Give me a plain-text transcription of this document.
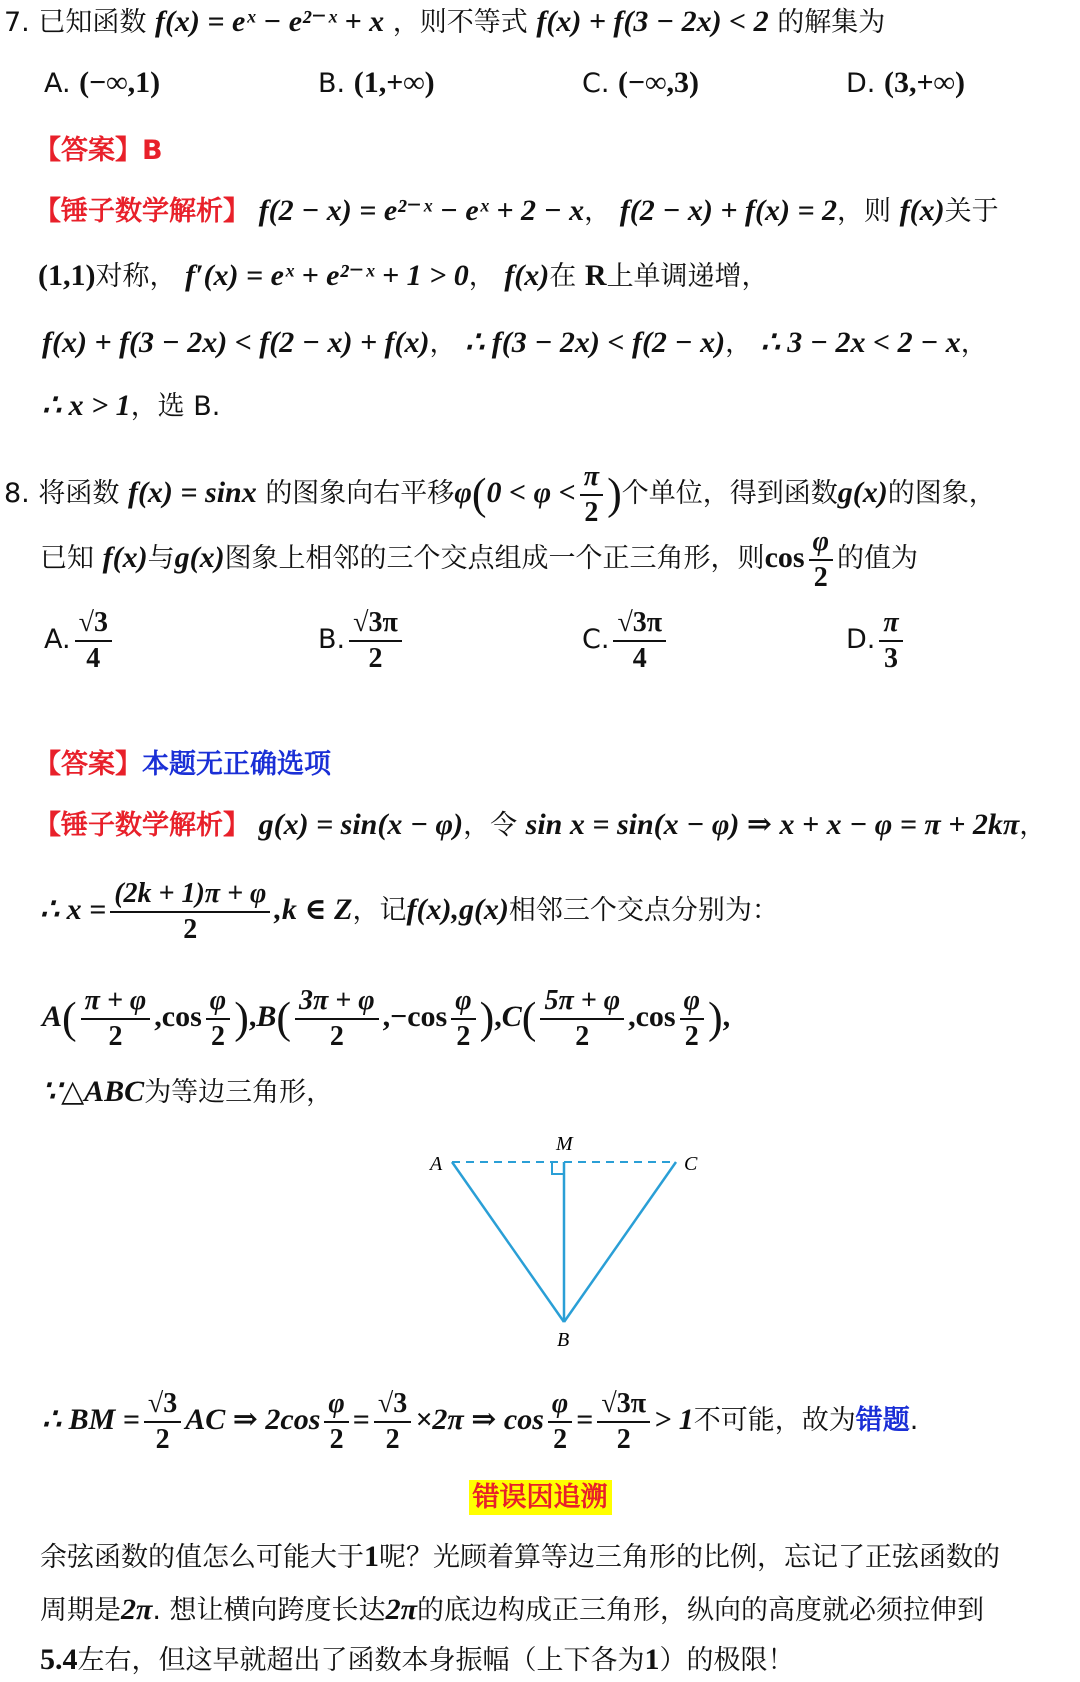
7. 已知函数 f(x) = eˣ − e²⁻ˣ + x ，则不等式 f(x) + f(3 − 2x) < 2 的解集为
A. (−∞,1)	B. (1,+∞)	C. (−∞,3)	D. (3,+∞)
【答案】B
【锤子数学解析】 f(2 − x) = e²⁻ˣ − eˣ + 2 − x， f(2 − x) + f(x) = 2，则 f(x)关于
(1,1)对称， f′(x) = eˣ + e²⁻ˣ + 1 > 0， f(x)在 R上单调递增，
f(x) + f(3 − 2x) < f(2 − x) + f(x)， ∴ f(3 − 2x) < f(2 − x)， ∴ 3 − 2x < 2 − x，
∴ x > 1，选 B.
8. 将函数 f(x) = sinx 的图象向右平移$\varphi(0 < \varphi < \frac{\pi}{2}$ )个单位，得到函数g(x)的图象，
已知 f(x)与g(x)图象上相邻的三个交点组成一个正三角形，则$\cos \frac{\varphi}{2}$ 的值为
A. $\frac{√3}{4}$	B. $\frac{√3\pi}{2}$	C. $\frac{√3\pi}{4}$	D. $\frac{\pi}{3}$
【答案】本题无正确选项
【锤子数学解析】 g(x) = sin(x − φ)，令 sin x = sin(x − φ) ⇒ x + x − φ = π + 2kπ，
∴ $x = \frac{(2k + 1)\pi + \varphi}{2} ,k$ ∈ Z，记f(x),g(x)相邻三个交点分别为：
$A( \frac{\pi + \varphi}{2} ,\cos \frac{\varphi}{2} ),B( \frac{3\pi + \varphi}{2} ,-\cos \frac{\varphi}{2} ),C( \frac{5\pi + \varphi}{2} ,\cos \frac{\varphi}{2}$ ),
∵△ABC为等边三角形，
A	C
M
B
∴ BM = $\frac{√3}{2}$ AC ⇒ $2\cos \frac{\varphi}{2} = \frac{√3}{2} \times 2\pi$ ⇒ $\cos \frac{\varphi}{2} = \frac{√3\pi}{2} > 1$不可能，故为错题.
错误因追溯
余弦函数的值怎么可能大于1呢？光顾着算等边三角形的比例，忘记了正弦函数的
周期是2π. 想让横向跨度长达2π的底边构成正三角形，纵向的高度就必须拉伸到
5.4左右，但这早就超出了函数本身振幅（上下各为1）的极限！
